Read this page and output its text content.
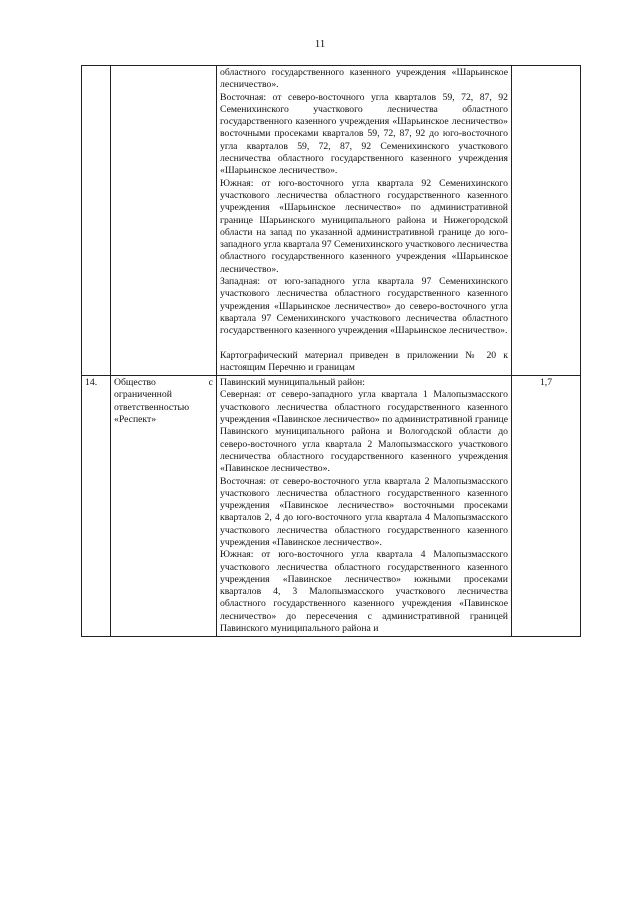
11

		областного государственного казенного учреждения «Шарьинское лесничество».
Восточная: от северо-восточного угла кварталов 59, 72, 87, 92 Семенихинского участкового лесничества областного государственного казенного учреждения «Шарьинское лесничество» восточными просеками кварталов 59, 72, 87, 92 до юго-восточного угла кварталов 59, 72, 87, 92 Семенихинского участкового лесничества областного государственного казенного учреждения «Шарьинское лесничество».
Южная: от юго-восточного угла квартала 92 Семенихинского участкового лесничества областного государственного казенного учреждения «Шарьинское лесничество» по административной границе Шарьинского муниципального района и Нижегородской области на запад по указанной административной границе до юго-западного угла квартала 97 Семенихинского участкового лесничества областного государственного казенного учреждения «Шарьинское лесничество».
Западная: от юго-западного угла квартала 97 Семенихинского участкового лесничества областного государственного казенного учреждения «Шарьинское лесничество» до северо-восточного угла квартала 97 Семенихинского участкового лесничества областного государственного казенного учреждения «Шарьинское лесничество».
Картографический материал приведен в приложении № 20 к настоящим Перечню и границам	

14.	Общество с ограниченной ответственностью «Респект»	Павинский муниципальный район:
Северная: от северо-западного угла квартала 1 Малопызмасского участкового лесничества областного государственного казенного учреждения «Павинское лесничество» по административной границе Павинского муниципального района и Вологодской области до северо-восточного угла квартала 2 Малопызмасского участкового лесничества областного государственного казенного учреждения «Павинское лесничество».
Восточная: от северо-восточного угла квартала 2 Малопызмасского участкового лесничества областного государственного казенного учреждения «Павинское лесничество» восточными просеками кварталов 2, 4 до юго-восточного угла квартала 4 Малопызмасского участкового лесничества областного государственного казенного учреждения «Павинское лесничество».
Южная: от юго-восточного угла квартала 4 Малопызмасского участкового лесничества областного государственного казенного учреждения «Павинское лесничество» южными просеками кварталов 4, 3 Малопызмасского участкового лесничества областного государственного казенного учреждения «Павинское лесничество» до пересечения с административной границей Павинского муниципального района и	1,7
